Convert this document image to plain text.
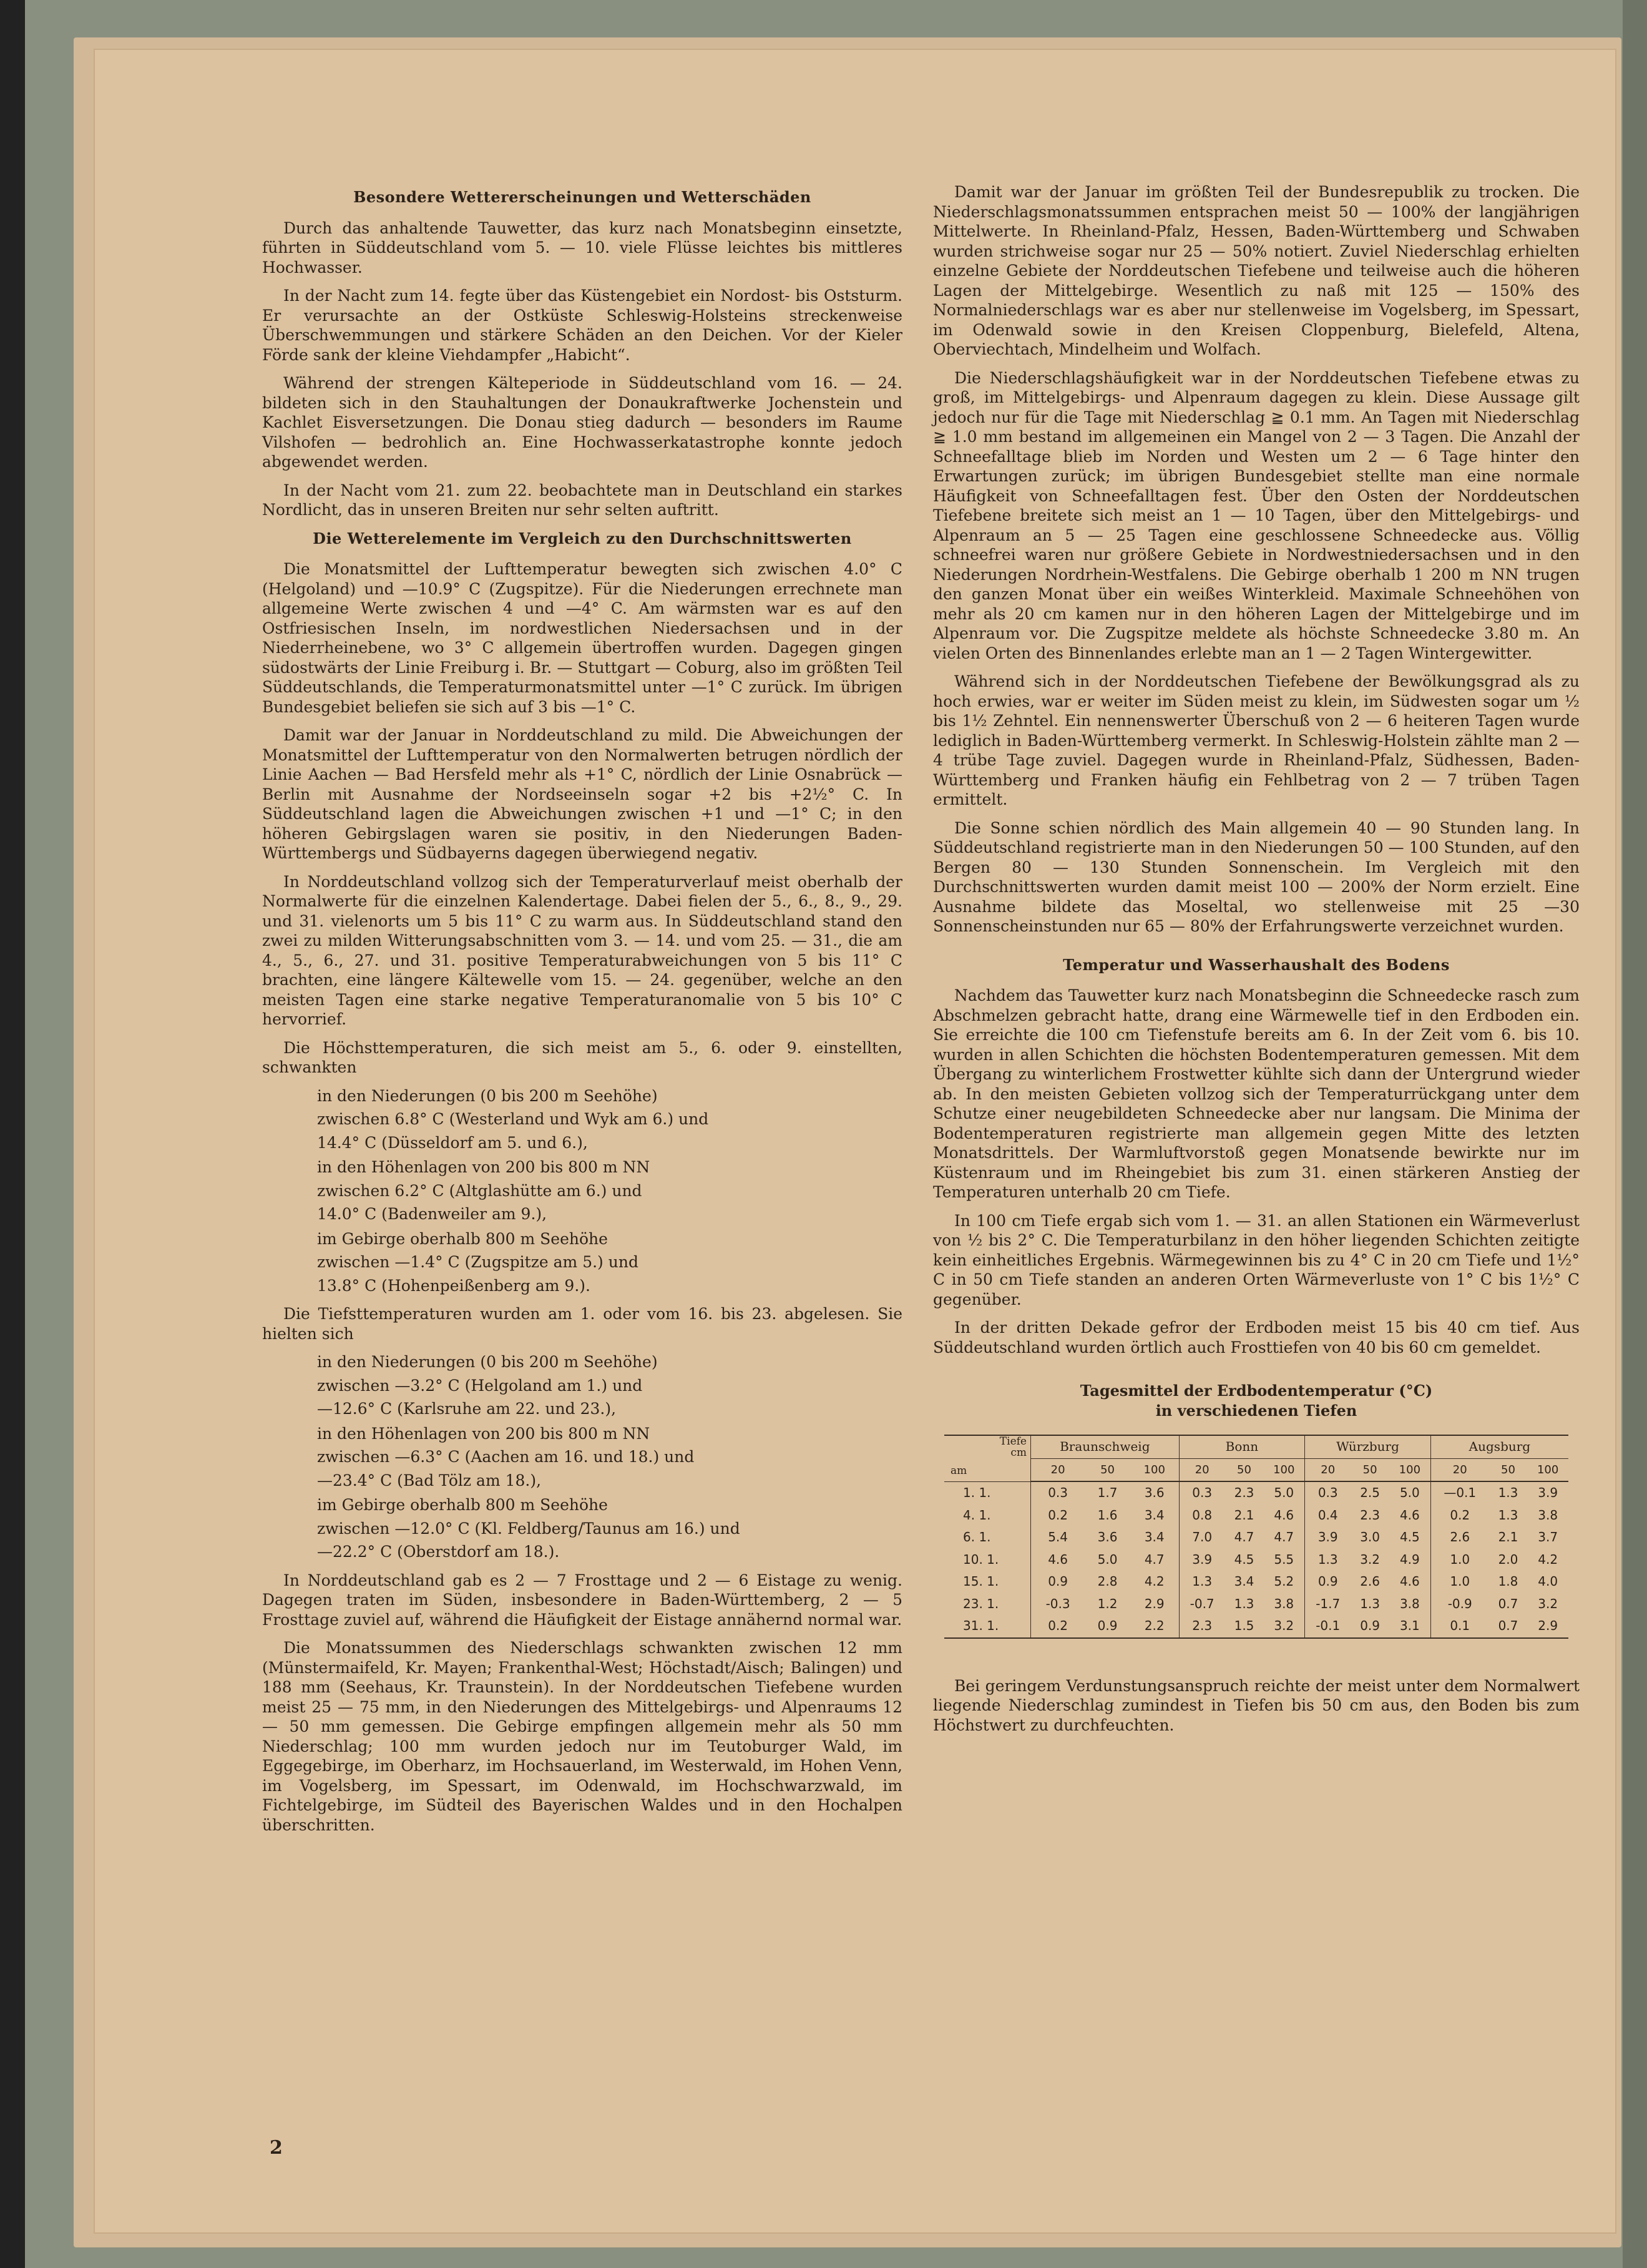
Besondere Wettererscheinungen und Wetterschäden

Durch das anhaltende Tauwetter, das kurz nach Monatsbeginn einsetzte, führten in Süddeutschland vom 5. — 10. viele Flüsse leichtes bis mittleres Hochwasser.

In der Nacht zum 14. fegte über das Küstengebiet ein Nordost- bis Oststurm. Er verursachte an der Ostküste Schleswig-Holsteins streckenweise Überschwemmungen und stärkere Schäden an den Deichen. Vor der Kieler Förde sank der kleine Viehdampfer „Habicht“.

Während der strengen Kälteperiode in Süddeutschland vom 16. — 24. bildeten sich in den Stauhaltungen der Donaukraftwerke Jochenstein und Kachlet Eisversetzungen. Die Donau stieg dadurch — besonders im Raume Vilshofen — bedrohlich an. Eine Hochwasserkatastrophe konnte jedoch abgewendet werden.

In der Nacht vom 21. zum 22. beobachtete man in Deutschland ein starkes Nordlicht, das in unseren Breiten nur sehr selten auftritt.

Die Wetterelemente im Vergleich zu den Durchschnittswerten

Die Monatsmittel der Lufttemperatur bewegten sich zwischen 4.0° C (Helgoland) und —10.9° C (Zugspitze). Für die Niederungen errechnete man allgemeine Werte zwischen 4 und —4° C. Am wärmsten war es auf den Ostfriesischen Inseln, im nordwestlichen Niedersachsen und in der Niederrheinebene, wo 3° C allgemein übertroffen wurden. Dagegen gingen südostwärts der Linie Freiburg i. Br. — Stuttgart — Coburg, also im größten Teil Süddeutschlands, die Temperaturmonatsmittel unter —1° C zurück. Im übrigen Bundesgebiet beliefen sie sich auf 3 bis —1° C.

Damit war der Januar in Norddeutschland zu mild. Die Abweichungen der Monatsmittel der Lufttemperatur von den Normalwerten betrugen nördlich der Linie Aachen — Bad Hersfeld mehr als +1° C, nördlich der Linie Osnabrück — Berlin mit Ausnahme der Nordseeinseln sogar +2 bis +2½° C. In Süddeutschland lagen die Abweichungen zwischen +1 und —1° C; in den höheren Gebirgslagen waren sie positiv, in den Niederungen Baden-Württembergs und Südbayerns dagegen überwiegend negativ.

In Norddeutschland vollzog sich der Temperaturverlauf meist oberhalb der Normalwerte für die einzelnen Kalendertage. Dabei fielen der 5., 6., 8., 9., 29. und 31. vielenorts um 5 bis 11° C zu warm aus. In Süddeutschland stand den zwei zu milden Witterungsabschnitten vom 3. — 14. und vom 25. — 31., die am 4., 5., 6., 27. und 31. positive Temperaturabweichungen von 5 bis 11° C brachten, eine längere Kältewelle vom 15. — 24. gegenüber, welche an den meisten Tagen eine starke negative Temperaturanomalie von 5 bis 10° C hervorrief.

Die Höchsttemperaturen, die sich meist am 5., 6. oder 9. einstellten, schwankten

in den Niederungen (0 bis 200 m Seehöhe)

zwischen 6.8° C (Westerland und Wyk am 6.) und

14.4° C (Düsseldorf am 5. und 6.),

in den Höhenlagen von 200 bis 800 m NN

zwischen 6.2° C (Altglashütte am 6.) und

14.0° C (Badenweiler am 9.),

im Gebirge oberhalb 800 m Seehöhe

zwischen —1.4° C (Zugspitze am 5.) und

13.8° C (Hohenpeißenberg am 9.).

Die Tiefsttemperaturen wurden am 1. oder vom 16. bis 23. abgelesen. Sie hielten sich

in den Niederungen (0 bis 200 m Seehöhe)

zwischen —3.2° C (Helgoland am 1.) und

—12.6° C (Karlsruhe am 22. und 23.),

in den Höhenlagen von 200 bis 800 m NN

zwischen —6.3° C (Aachen am 16. und 18.) und

—23.4° C (Bad Tölz am 18.),

im Gebirge oberhalb 800 m Seehöhe

zwischen —12.0° C (Kl. Feldberg/Taunus am 16.) und

—22.2° C (Oberstdorf am 18.).

In Norddeutschland gab es 2 — 7 Frosttage und 2 — 6 Eistage zu wenig. Dagegen traten im Süden, insbesondere in Baden-Württemberg, 2 — 5 Frosttage zuviel auf, während die Häufigkeit der Eistage annähernd normal war.

Die Monatssummen des Niederschlags schwankten zwischen 12 mm (Münstermaifeld, Kr. Mayen; Frankenthal-West; Höchstadt/Aisch; Balingen) und 188 mm (Seehaus, Kr. Traunstein). In der Norddeutschen Tiefebene wurden meist 25 — 75 mm, in den Niederungen des Mittelgebirgs- und Alpenraums 12 — 50 mm gemessen. Die Gebirge empfingen allgemein mehr als 50 mm Niederschlag; 100 mm wurden jedoch nur im Teutoburger Wald, im Eggegebirge, im Oberharz, im Hochsauerland, im Westerwald, im Hohen Venn, im Vogelsberg, im Spessart, im Odenwald, im Hochschwarzwald, im Fichtelgebirge, im Südteil des Bayerischen Waldes und in den Hochalpen überschritten.

Damit war der Januar im größten Teil der Bundesrepublik zu trocken. Die Niederschlagsmonatssummen entsprachen meist 50 — 100% der langjährigen Mittelwerte. In Rheinland-Pfalz, Hessen, Baden-Württemberg und Schwaben wurden strichweise sogar nur 25 — 50% notiert. Zuviel Niederschlag erhielten einzelne Gebiete der Norddeutschen Tiefebene und teilweise auch die höheren Lagen der Mittelgebirge. Wesentlich zu naß mit 125 — 150% des Normalniederschlags war es aber nur stellenweise im Vogelsberg, im Spessart, im Odenwald sowie in den Kreisen Cloppenburg, Bielefeld, Altena, Oberviechtach, Mindelheim und Wolfach.

Die Niederschlagshäufigkeit war in der Norddeutschen Tiefebene etwas zu groß, im Mittelgebirgs- und Alpenraum dagegen zu klein. Diese Aussage gilt jedoch nur für die Tage mit Niederschlag ≧ 0.1 mm. An Tagen mit Niederschlag ≧ 1.0 mm bestand im allgemeinen ein Mangel von 2 — 3 Tagen. Die Anzahl der Schneefalltage blieb im Norden und Westen um 2 — 6 Tage hinter den Erwartungen zurück; im übrigen Bundesgebiet stellte man eine normale Häufigkeit von Schneefalltagen fest. Über den Osten der Norddeutschen Tiefebene breitete sich meist an 1 — 10 Tagen, über den Mittelgebirgs- und Alpenraum an 5 — 25 Tagen eine geschlossene Schneedecke aus. Völlig schneefrei waren nur größere Gebiete in Nordwestniedersachsen und in den Niederungen Nordrhein-Westfalens. Die Gebirge oberhalb 1 200 m NN trugen den ganzen Monat über ein weißes Winterkleid. Maximale Schneehöhen von mehr als 20 cm kamen nur in den höheren Lagen der Mittelgebirge und im Alpenraum vor. Die Zugspitze meldete als höchste Schneedecke 3.80 m. An vielen Orten des Binnenlandes erlebte man an 1 — 2 Tagen Wintergewitter.

Während sich in der Norddeutschen Tiefebene der Bewölkungsgrad als zu hoch erwies, war er weiter im Süden meist zu klein, im Südwesten sogar um ½ bis 1½ Zehntel. Ein nennenswerter Überschuß von 2 — 6 heiteren Tagen wurde lediglich in Baden-Württemberg vermerkt. In Schleswig-Holstein zählte man 2 — 4 trübe Tage zuviel. Dagegen wurde in Rheinland-Pfalz, Südhessen, Baden-Württemberg und Franken häufig ein Fehlbetrag von 2 — 7 trüben Tagen ermittelt.

Die Sonne schien nördlich des Main allgemein 40 — 90 Stunden lang. In Süddeutschland registrierte man in den Niederungen 50 — 100 Stunden, auf den Bergen 80 — 130 Stunden Sonnenschein. Im Vergleich mit den Durchschnittswerten wurden damit meist 100 — 200% der Norm erzielt. Eine Ausnahme bildete das Moseltal, wo stellenweise mit 25 —30 Sonnenscheinstunden nur 65 — 80% der Erfahrungswerte verzeichnet wurden.

Temperatur und Wasserhaushalt des Bodens

Nachdem das Tauwetter kurz nach Monatsbeginn die Schneedecke rasch zum Abschmelzen gebracht hatte, drang eine Wärmewelle tief in den Erdboden ein. Sie erreichte die 100 cm Tiefenstufe bereits am 6. In der Zeit vom 6. bis 10. wurden in allen Schichten die höchsten Bodentemperaturen gemessen. Mit dem Übergang zu winterlichem Frostwetter kühlte sich dann der Untergrund wieder ab. In den meisten Gebieten vollzog sich der Temperaturrückgang unter dem Schutze einer neugebildeten Schneedecke aber nur langsam. Die Minima der Bodentemperaturen registrierte man allgemein gegen Mitte des letzten Monatsdrittels. Der Warmluftvorstoß gegen Monatsende bewirkte nur im Küstenraum und im Rheingebiet bis zum 31. einen stärkeren Anstieg der Temperaturen unterhalb 20 cm Tiefe.

In 100 cm Tiefe ergab sich vom 1. — 31. an allen Stationen ein Wärmeverlust von ½ bis 2° C. Die Temperaturbilanz in den höher liegenden Schichten zeitigte kein einheitliches Ergebnis. Wärmegewinnen bis zu 4° C in 20 cm Tiefe und 1½° C in 50 cm Tiefe standen an anderen Orten Wärmeverluste von 1° C bis 1½° C gegenüber.

In der dritten Dekade gefror der Erdboden meist 15 bis 40 cm tief. Aus Süddeutschland wurden örtlich auch Frosttiefen von 40 bis 60 cm gemeldet.

Tagesmittel der Erdbodentemperatur (°C)
in verschiedenen Tiefen
Tiefe
cm
am	Braunschweig			Bonn			Würzburg			Augsburg		
	20	50	100	20	50	100	20	50	100	20	50	100
1. 1.	0.3	1.7	3.6	0.3	2.3	5.0	0.3	2.5	5.0	—0.1	1.3	3.9
4. 1.	0.2	1.6	3.4	0.8	2.1	4.6	0.4	2.3	4.6	0.2	1.3	3.8
6. 1.	5.4	3.6	3.4	7.0	4.7	4.7	3.9	3.0	4.5	2.6	2.1	3.7
10. 1.	4.6	5.0	4.7	3.9	4.5	5.5	1.3	3.2	4.9	1.0	2.0	4.2
15. 1.	0.9	2.8	4.2	1.3	3.4	5.2	0.9	2.6	4.6	1.0	1.8	4.0
23. 1.	-0.3	1.2	2.9	-0.7	1.3	3.8	-1.7	1.3	3.8	-0.9	0.7	3.2
31. 1.	0.2	0.9	2.2	2.3	1.5	3.2	-0.1	0.9	3.1	0.1	0.7	2.9

Bei geringem Verdunstungsanspruch reichte der meist unter dem Normalwert liegende Niederschlag zumindest in Tiefen bis 50 cm aus, den Boden bis zum Höchstwert zu durchfeuchten.

2
